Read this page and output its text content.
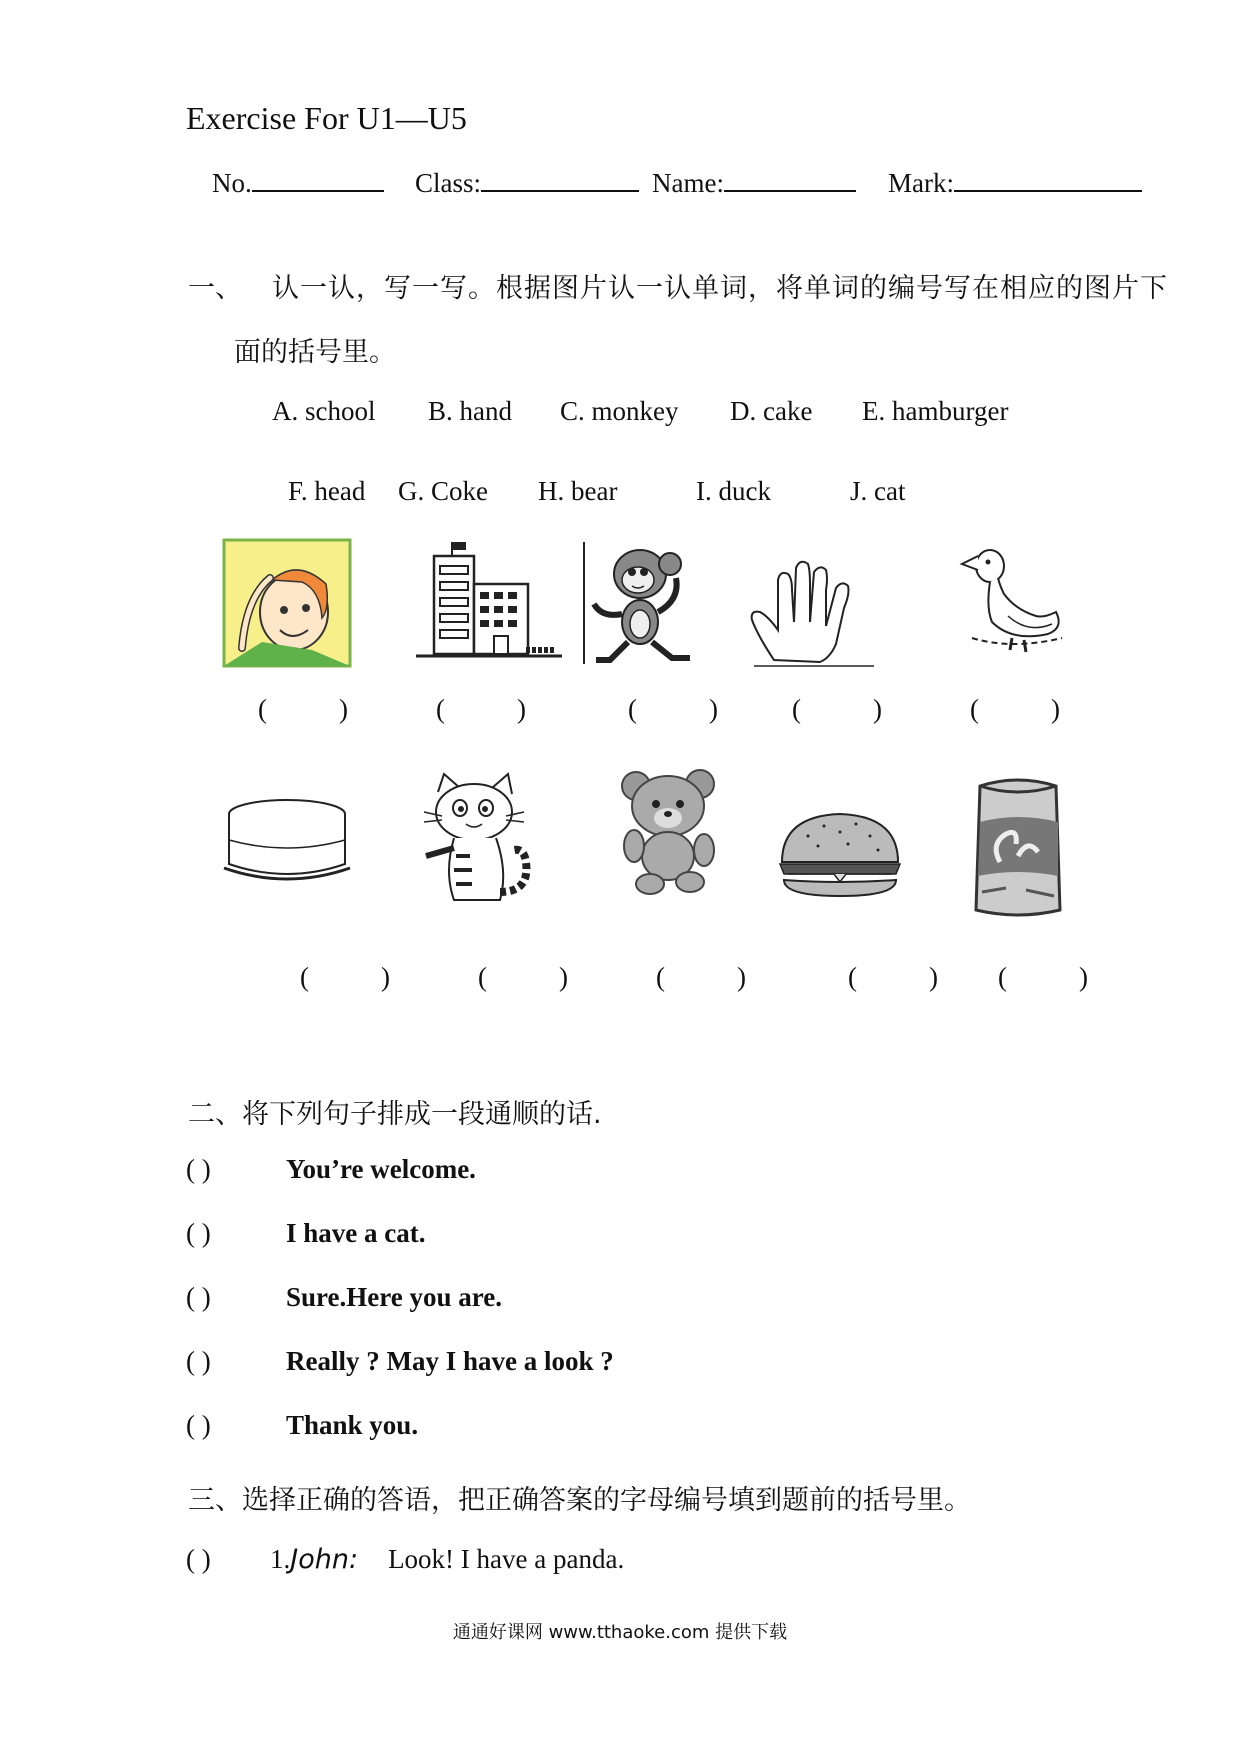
Exercise For U1—U5
No.	Class:	Name:	Mark:
一、 认一认，写一写。根据图片认一认单词，将单词的编号写在相应的图片下
面的括号里。
A. school B. hand C. monkey D. cake E. hamburger
F. head G. Coke H. bear	I. duck	J. cat
(	)	(	)	(	)	(	)	(	)
(	)	(	)	(	)	(	) (	)
二、将下列句子排成一段通顺的话.
( )	You’re welcome.
( )	I have a cat.
( )	Sure.Here you are.
( )	Really ? May I have a look ?
( )	Thank you.
三、选择正确的答语，把正确答案的字母编号填到题前的括号里。
( ) 1.John: Look! I have a panda.
通通好课网 www.tthaoke.com 提供下载
